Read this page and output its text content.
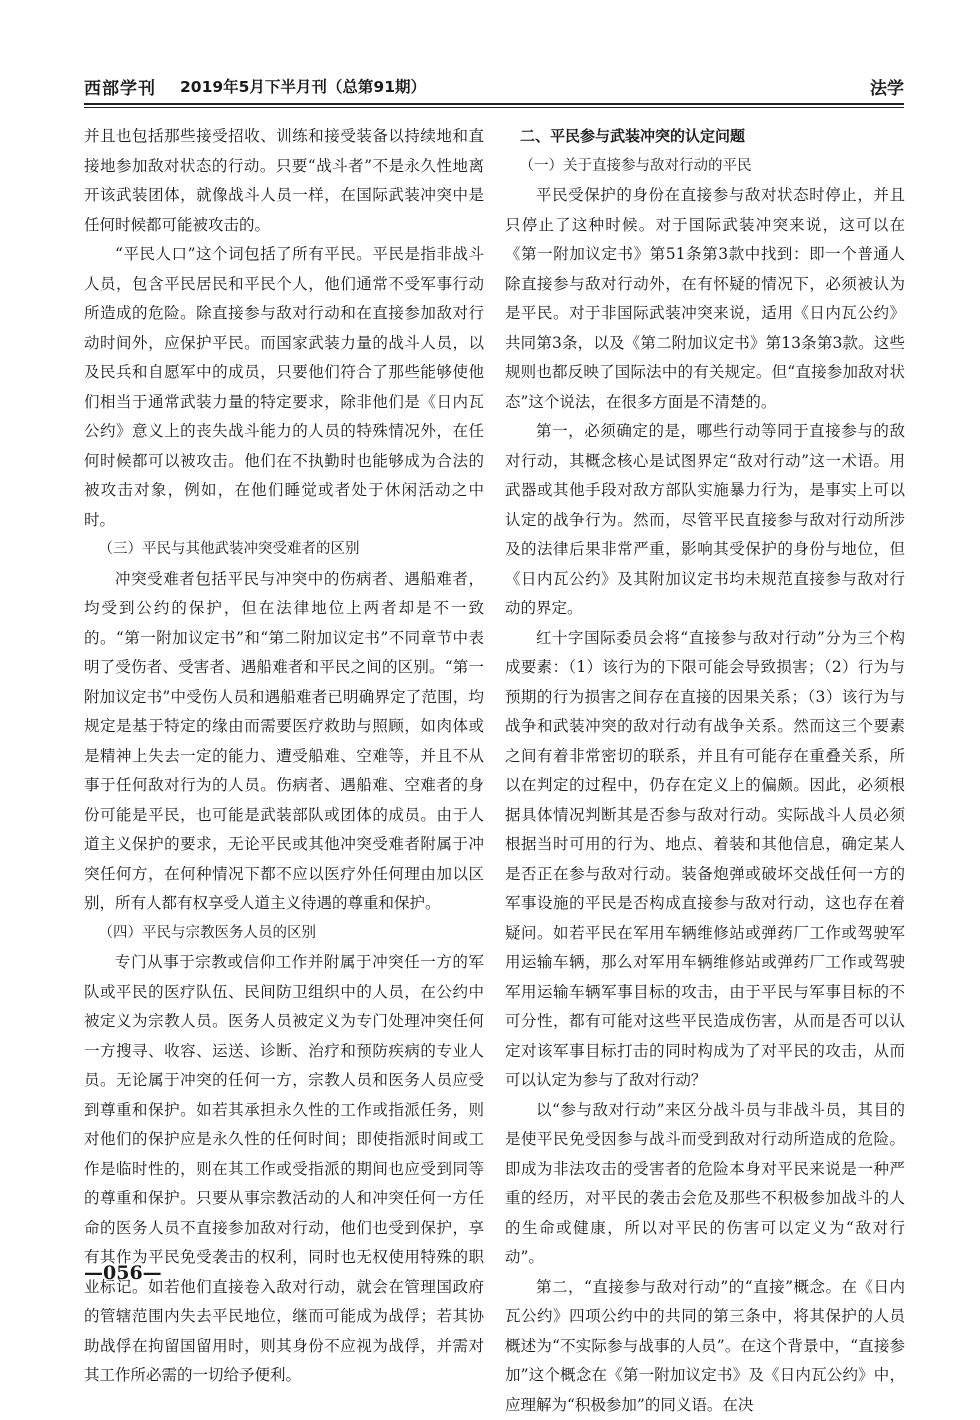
西部学刊 2019年5月下半月刊（总第91期）	法学

并且也包括那些接受招收、训练和接受装备以持续地和直接地参加敌对状态的行动。只要“战斗者”不是永久性地离开该武装团体，就像战斗人员一样，在国际武装冲突中是任何时候都可能被攻击的。

“平民人口”这个词包括了所有平民。平民是指非战斗人员，包含平民居民和平民个人，他们通常不受军事行动所造成的危险。除直接参与敌对行动和在直接参加敌对行动时间外，应保护平民。而国家武装力量的战斗人员，以及民兵和自愿军中的成员，只要他们符合了那些能够使他们相当于通常武装力量的特定要求，除非他们是《日内瓦公约》意义上的丧失战斗能力的人员的特殊情况外，在任何时候都可以被攻击。他们在不执勤时也能够成为合法的被攻击对象，例如，在他们睡觉或者处于休闲活动之中时。

（三）平民与其他武装冲突受难者的区别

冲突受难者包括平民与冲突中的伤病者、遇船难者，均受到公约的保护，但在法律地位上两者却是不一致的。“第一附加议定书”和“第二附加议定书”不同章节中表明了受伤者、受害者、遇船难者和平民之间的区别。“第一附加议定书”中受伤人员和遇船难者已明确界定了范围，均规定是基于特定的缘由而需要医疗救助与照顾，如肉体或是精神上失去一定的能力、遭受船难、空难等，并且不从事于任何敌对行为的人员。伤病者、遇船难、空难者的身份可能是平民，也可能是武装部队或团体的成员。由于人道主义保护的要求，无论平民或其他冲突受难者附属于冲突任何方，在何种情况下都不应以医疗外任何理由加以区别，所有人都有权享受人道主义待遇的尊重和保护。

（四）平民与宗教医务人员的区别

专门从事于宗教或信仰工作并附属于冲突任一方的军队或平民的医疗队伍、民间防卫组织中的人员，在公约中被定义为宗教人员。医务人员被定义为专门处理冲突任何一方搜寻、收容、运送、诊断、治疗和预防疾病的专业人员。无论属于冲突的任何一方，宗教人员和医务人员应受到尊重和保护。如若其承担永久性的工作或指派任务，则对他们的保护应是永久性的任何时间；即使指派时间或工作是临时性的，则在其工作或受指派的期间也应受到同等的尊重和保护。只要从事宗教活动的人和冲突任何一方任命的医务人员不直接参加敌对行动，他们也受到保护，享有其作为平民免受袭击的权利，同时也无权使用特殊的职业标记。如若他们直接卷入敌对行动，就会在管理国政府的管辖范围内失去平民地位，继而可能成为战俘；若其协助战俘在拘留国留用时，则其身份不应视为战俘，并需对其工作所必需的一切给予便利。

二、平民参与武装冲突的认定问题
（一）关于直接参与敌对行动的平民

平民受保护的身份在直接参与敌对状态时停止，并且只停止了这种时候。对于国际武装冲突来说，这可以在《第一附加议定书》第51条第3款中找到：即一个普通人除直接参与敌对行动外，在有怀疑的情况下，必须被认为是平民。对于非国际武装冲突来说，适用《日内瓦公约》共同第3条，以及《第二附加议定书》第13条第3款。这些规则也都反映了国际法中的有关规定。但“直接参加敌对状态”这个说法，在很多方面是不清楚的。

第一，必须确定的是，哪些行动等同于直接参与的敌对行动，其概念核心是试图界定“敌对行动”这一术语。用武器或其他手段对敌方部队实施暴力行为，是事实上可以认定的战争行为。然而，尽管平民直接参与敌对行动所涉及的法律后果非常严重，影响其受保护的身份与地位，但《日内瓦公约》及其附加议定书均未规范直接参与敌对行动的界定。

红十字国际委员会将“直接参与敌对行动”分为三个构成要素：（1）该行为的下限可能会导致损害；（2）行为与预期的行为损害之间存在直接的因果关系；（3）该行为与战争和武装冲突的敌对行动有战争关系。然而这三个要素之间有着非常密切的联系，并且有可能存在重叠关系，所以在判定的过程中，仍存在定义上的偏颇。因此，必须根据具体情况判断其是否参与敌对行动。实际战斗人员必须根据当时可用的行为、地点、着装和其他信息，确定某人是否正在参与敌对行动。装备炮弹或破坏交战任何一方的军事设施的平民是否构成直接参与敌对行动，这也存在着疑问。如若平民在军用车辆维修站或弹药厂工作或驾驶军用运输车辆，那么对军用车辆维修站或弹药厂工作或驾驶军用运输车辆军事目标的攻击，由于平民与军事目标的不可分性，都有可能对这些平民造成伤害，从而是否可以认定对该军事目标打击的同时构成为了对平民的攻击，从而可以认定为参与了敌对行动？

以“参与敌对行动”来区分战斗员与非战斗员，其目的是使平民免受因参与战斗而受到敌对行动所造成的危险。即成为非法攻击的受害者的危险本身对平民来说是一种严重的经历，对平民的袭击会危及那些不积极参加战斗的人的生命或健康，所以对平民的伤害可以定义为“敌对行动”。

第二，“直接参与敌对行动”的“直接”概念。在《日内瓦公约》四项公约中的共同的第三条中，将其保护的人员概述为“不实际参与战事的人员”。在这个背景中，“直接参加”这个概念在《第一附加议定书》及《日内瓦公约》中，应理解为“积极参加”的同义语。在决

—056—
